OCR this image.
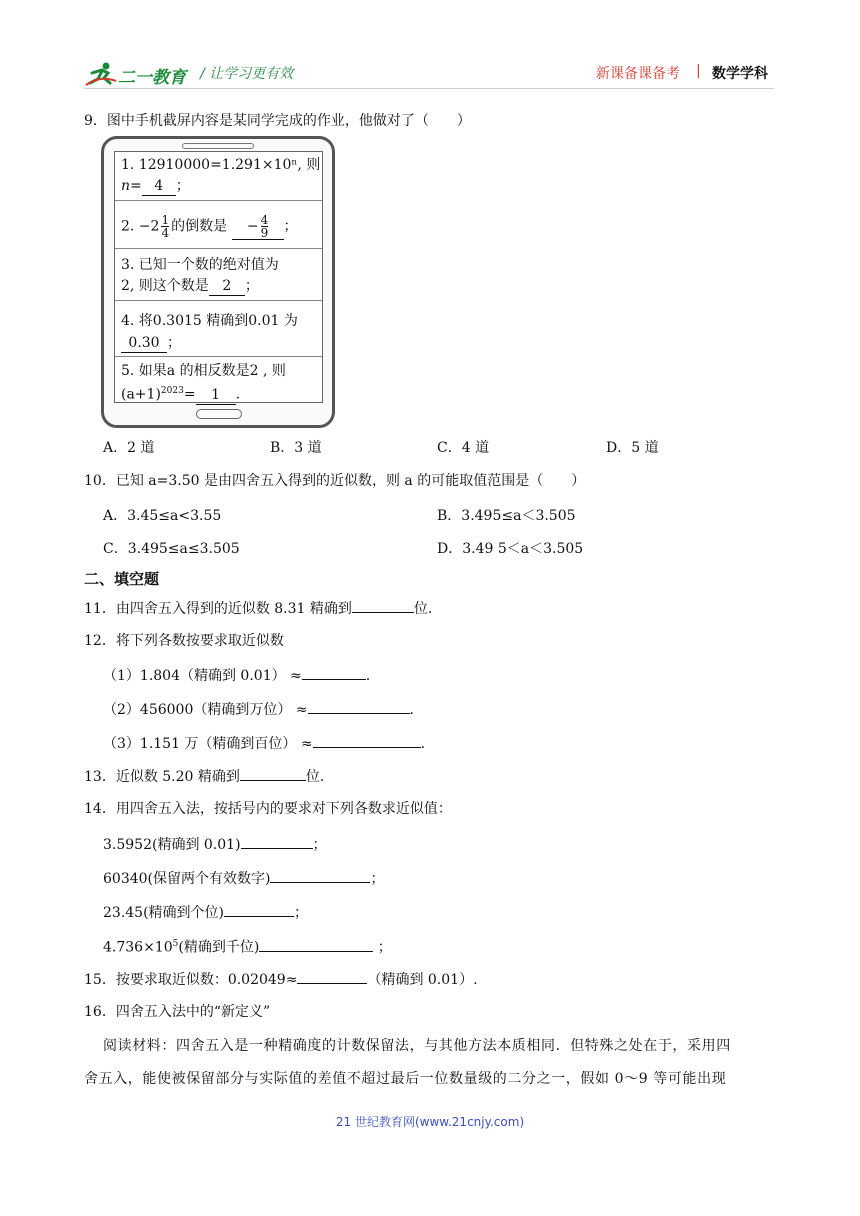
二一教育 / 让学习更有效	新课备课备考 | 数学学科
9．图中手机截屏内容是某同学完成的作业，他做对了（　　）
1. 12910000=1.291×10ⁿ, 则
n= 4 ；
2. $-2 \frac{1}{4}$ 的倒数是 − $\frac{4}{9}$ ；
3. 已知一个数的绝对值为
2, 则这个数是 2 ；
4. 将0.3015 精确到0.01 为
0.30 ；
5. 如果a 的相反数是2 , 则
$(a+1)^{2023}= 1$ .
A．2 道	B．3 道	C．4 道	D．5 道
10．已知 a=3.50 是由四舍五入得到的近似数，则 a 的可能取值范围是（　　）
A．3.45≤a<3.55	B．3.495≤a＜3.505
C．3.495≤a≤3.505	D．3.49 5＜a＜3.505
二、填空题
11．由四舍五入得到的近似数 8.31 精确到	位.
12．将下列各数按要求取近似数
（1）1.804（精确到 0.01） ≈	.
（2）456000（精确到万位） ≈	.
（3）1.151 万（精确到百位） ≈	.
13．近似数 5.20 精确到	位.
14．用四舍五入法，按括号内的要求对下列各数求近似值：
3.5952(精确到 0.01)	；
60340(保留两个有效数字)	；
23.45(精确到个位)	；
$4.736\times 10^5$(精确到千位)	；
15．按要求取近似数：0.02049≈	（精确到 0.01）.
16．四舍五入法中的“新定义”
阅读材料：四舍五入是一种精确度的计数保留法，与其他方法本质相同．但特殊之处在于，采用四
舍五入，能使被保留部分与实际值的差值不超过最后一位数量级的二分之一，假如 0～9 等可能出现
21 世纪教育网(www.21cnjy.com)
